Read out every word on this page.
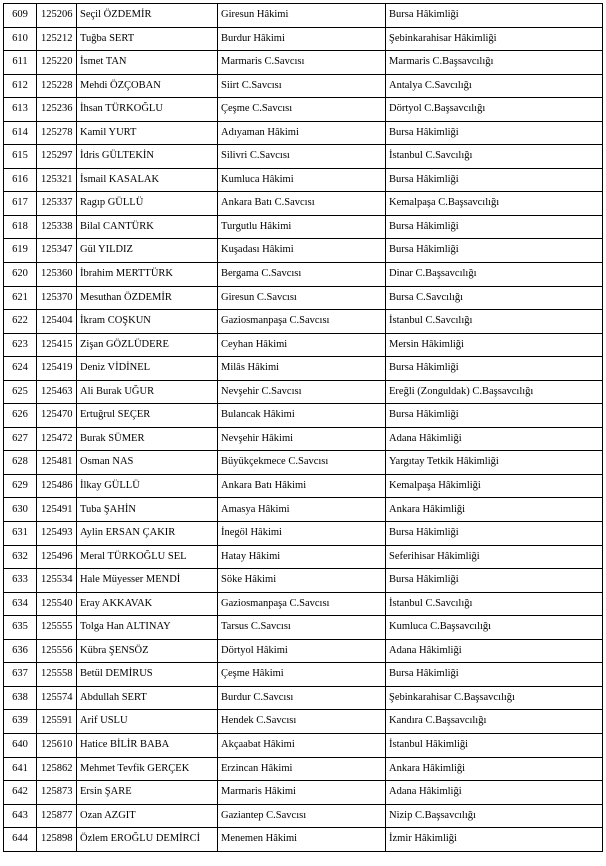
609	125206	Seçil ÖZDEMİR	Giresun Hâkimi	Bursa Hâkimliği
610	125212	Tuğba SERT	Burdur Hâkimi	Şebinkarahisar Hâkimliği
611	125220	İsmet TAN	Marmaris C.Savcısı	Marmaris C.Başsavcılığı
612	125228	Mehdi ÖZÇOBAN	Siirt C.Savcısı	Antalya C.Savcılığı
613	125236	İhsan TÜRKOĞLU	Çeşme C.Savcısı	Dörtyol C.Başsavcılığı
614	125278	Kamil YURT	Adıyaman Hâkimi	Bursa Hâkimliği
615	125297	İdris GÜLTEKİN	Silivri C.Savcısı	İstanbul C.Savcılığı
616	125321	İsmail KASALAK	Kumluca Hâkimi	Bursa Hâkimliği
617	125337	Ragıp GÜLLÜ	Ankara Batı C.Savcısı	Kemalpaşa C.Başsavcılığı
618	125338	Bilal CANTÜRK	Turgutlu Hâkimi	Bursa Hâkimliği
619	125347	Gül YILDIZ	Kuşadası Hâkimi	Bursa Hâkimliği
620	125360	İbrahim MERTTÜRK	Bergama C.Savcısı	Dinar C.Başsavcılığı
621	125370	Mesuthan ÖZDEMİR	Giresun C.Savcısı	Bursa C.Savcılığı
622	125404	İkram COŞKUN	Gaziosmanpaşa C.Savcısı	İstanbul C.Savcılığı
623	125415	Zişan GÖZLÜDERE	Ceyhan Hâkimi	Mersin Hâkimliği
624	125419	Deniz VİDİNEL	Milâs Hâkimi	Bursa Hâkimliği
625	125463	Ali Burak UĞUR	Nevşehir C.Savcısı	Ereğli (Zonguldak) C.Başsavcılığı
626	125470	Ertuğrul SEÇER	Bulancak Hâkimi	Bursa Hâkimliği
627	125472	Burak SÜMER	Nevşehir Hâkimi	Adana Hâkimliği
628	125481	Osman NAS	Büyükçekmece C.Savcısı	Yargıtay Tetkik Hâkimliği
629	125486	İlkay GÜLLÜ	Ankara Batı Hâkimi	Kemalpaşa Hâkimliği
630	125491	Tuba ŞAHİN	Amasya Hâkimi	Ankara Hâkimliği
631	125493	Aylin ERSAN ÇAKIR	İnegöl Hâkimi	Bursa Hâkimliği
632	125496	Meral TÜRKOĞLU SEL	Hatay Hâkimi	Seferihisar Hâkimliği
633	125534	Hale Müyesser MENDİ	Söke Hâkimi	Bursa Hâkimliği
634	125540	Eray AKKAVAK	Gaziosmanpaşa C.Savcısı	İstanbul C.Savcılığı
635	125555	Tolga Han ALTINAY	Tarsus C.Savcısı	Kumluca C.Başsavcılığı
636	125556	Kübra ŞENSÖZ	Dörtyol Hâkimi	Adana Hâkimliği
637	125558	Betül DEMİRUS	Çeşme Hâkimi	Bursa Hâkimliği
638	125574	Abdullah SERT	Burdur C.Savcısı	Şebinkarahisar C.Başsavcılığı
639	125591	Arif USLU	Hendek C.Savcısı	Kandıra C.Başsavcılığı
640	125610	Hatice BİLİR BABA	Akçaabat Hâkimi	İstanbul Hâkimliği
641	125862	Mehmet Tevfik GERÇEK	Erzincan Hâkimi	Ankara Hâkimliği
642	125873	Ersin ŞARE	Marmaris Hâkimi	Adana Hâkimliği
643	125877	Ozan AZGIT	Gaziantep C.Savcısı	Nizip C.Başsavcılığı
644	125898	Özlem EROĞLU DEMİRCİ	Menemen Hâkimi	İzmir Hâkimliği
